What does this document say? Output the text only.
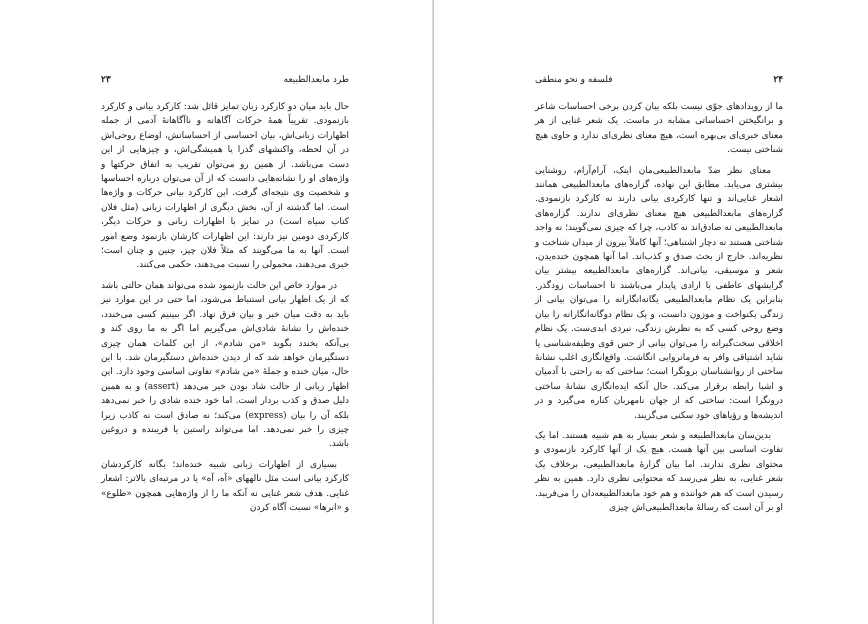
۲۳	طرد مابعدالطبیعه

حال باید میان دو کارکرد زبان تمایز قائل شد: کارکرد بیانی و کارکرد بازنمودی. تقریباً همهٔ حرکات آگاهانه و ناآگاهانهٔ آدمی از جمله اظهارات زبانی‌اش، بیان احساسی از احساساتش، اوضاع روحی‌اش در آن لحظه، واکنشهای گذرا یا همیشگی‌اش، و چیزهایی از این دست می‌باشد. از همین رو می‌توان تقریب به اتفاق حرکتها و واژه‌های او را نشانه‌هایی دانست که از آن می‌توان درباره احساسها و شخصیت وی نتیجه‌ای گرفت. این کارکرد بیانی حرکات و واژه‌ها است. اما گذشته از آن، بخش دیگری از اظهارات زبانی (مثل فلان کتاب سیاه است) در تمایز با اظهارات زبانی و حرکات دیگر، کارکردی دومین نیز دارند: این اظهارات کارشان بازنمود وضع امور است. آنها به ما می‌گویند که مثلاً فلان چیز، چنین و چنان است؛ خبری می‌دهند، محمولی را نسبت می‌دهند، حکمی می‌کنند.

در موارد خاص این حالت بازنمود شده می‌تواند همان حالتی باشد که از یک اظهار بیانی استنباط می‌شود، اما حتی در این موارد نیز باید به دقت میان خبر و بیان فرق نهاد. اگر ببینیم کسی می‌خندد، خنده‌اش را نشانهٔ شادی‌اش می‌گیریم اما اگر به ما روی کند و بی‌آنکه بخندد بگوید «من شادم»، از این کلمات همان چیزی دستگیرمان خواهد شد که از دیدن خنده‌اش دستگیرمان شد. با این حال، میان خنده و جملهٔ «من شادم» تفاوتی اساسی وجود دارد. این اظهار زبانی از حالت شاد بودن خبر می‌دهد (assert) و به همین دلیل صدق و کذب بردار است. اما خود خنده شادی را خبر نمی‌دهد بلکه آن را بیان (express) می‌کند؛ نه صادق است نه کاذب زیرا چیزی را خبر نمی‌دهد. اما می‌تواند راستین یا فریبنده و دروغین باشد.

بسیاری از اظهارات زبانی شبیه خنده‌اند؛ یگانه کارکردشان کارکرد بیانی است مثل نالههای «آه، آه» یا در مرتبه‌ای بالاتر: اشعار غنایی. هدف شعر غنایی نه آنکه ما را از واژه‌هایی همچون «طلوع» و «ابرها» نسبت آگاه کردن

۲۴
فلسفه و نحو منطقی

ما از رویدادهای جوّی نیست بلکه بیان کردن برخی احساسات شاعر و برانگیختن احساساتی مشابه در ماست. یک شعر غنایی از هر معنای خبری‌ای بی‌بهره است، هیچ معنای نظری‌ای ندارد و حاوی هیچ شناختی نیست.

معنای نظر ضدّ مابعدالطبیعی‌مان اینک، آرام‌آرام، روشنایی بیشتری می‌یابد. مطابق این نهاده، گزاره‌های مابعدالطبیعی همانند اشعار غنایی‌اند و تنها کارکردی بیانی دارند نه کارکرد بازنمودی. گزاره‌های مابعدالطبیعی هیچ معنای نظری‌ای ندارند. گزاره‌های مابعدالطبیعی نه صادق‌اند نه کاذب، چرا که چیزی نمی‌گویند؛ نه واجد شناختی هستند نه دچار اشتباهی؛ آنها کاملاً بیرون از میدان شناخت و نظریه‌اند. خارج از بحث صدق و کذب‌اند. اما آنها همچون خنده‌یدن، شعر و موسیقی، بیانی‌اند. گزاره‌های مابعدالطبیعه بیشتر بیان گرایشهای عاطفی یا ارادی پایدار می‌باشند تا احساسات زودگذر. بنابراین یک نظام مابعدالطبیعی یگانه‌انگارانه را می‌توان بیانی از زندگی یکنواخت و موزون دانست، و یک نظام دوگانه‌انگارانه را بیان وضع روحی کسی که به نظرش زندگی، نبردی ابدی‌ست. یک نظام اخلاقی سخت‌گیرانه را می‌توان بیانی از حس قوی وظیفه‌شناسی یا شاید اشتیاقی وافر به فرمانروایی انگاشت. واقع‌انگاری اغلب نشانهٔ ساختی از روانشناسان برونگرا است؛ ساختی که به راحتی با آدمیان و اشیا رابطه برقرار می‌کند. حال آنکه ایده‌انگاری نشانهٔ ساختی درونگرا است: ساختی که از جهان نامهربان کناره می‌گیرد و در اندیشه‌ها و رؤیاهای خود سکنی می‌گزیند.

بدین‌سان مابعدالطبیعه و شعر بسیار به هم شبیه هستند. اما یک تفاوت اساسی بین آنها هست. هیچ یک از آنها کارکرد بازنمودی و محتوای نظری ندارند. اما بیان گزارهٔ مابعدالطبیعی، برخلاف یک شعر غنایی، به نظر می‌رسد که محتوایی نظری دارد. همین به نظر رسیدن است که هم خواننده و هم خود مابعدالطبیعه‌دان را می‌فریبد. او بر آن است که رسالهٔ مابعدالطبیعی‌اش چیزی
